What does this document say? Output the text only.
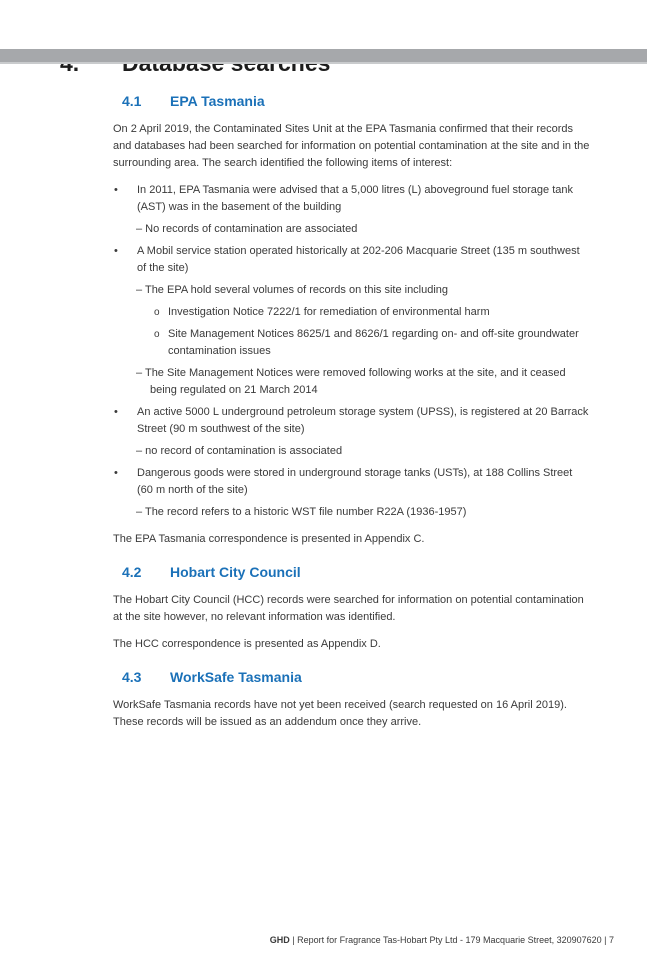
4.1 EPA Tasmania

On 2 April 2019, the Contaminated Sites Unit at the EPA Tasmania confirmed that their records and databases had been searched for information on potential contamination at the site and in the surrounding area. The search identified the following items of interest:

• In 2011, EPA Tasmania were advised that a 5,000 litres (L) aboveground fuel storage tank (AST) was in the basement of the building
– No records of contamination are associated
• A Mobil service station operated historically at 202-206 Macquarie Street (135 m southwest of the site)
– The EPA hold several volumes of records on this site including
o Investigation Notice 7222/1 for remediation of environmental harm
o Site Management Notices 8625/1 and 8626/1 regarding on- and off-site groundwater contamination issues
– The Site Management Notices were removed following works at the site, and it ceased being regulated on 21 March 2014
• An active 5000 L underground petroleum storage system (UPSS), is registered at 20 Barrack Street (90 m southwest of the site)
– no record of contamination is associated
• Dangerous goods were stored in underground storage tanks (USTs), at 188 Collins Street (60 m north of the site)
– The record refers to a historic WST file number R22A (1936-1957)

The EPA Tasmania correspondence is presented in Appendix C.

4.2 Hobart City Council

The Hobart City Council (HCC) records were searched for information on potential contamination at the site however, no relevant information was identified.

The HCC correspondence is presented as Appendix D.

4.3 WorkSafe Tasmania

WorkSafe Tasmania records have not yet been received (search requested on 16 April 2019). These records will be issued as an addendum once they arrive.

GHD | Report for Fragrance Tas-Hobart Pty Ltd - 179 Macquarie Street, 320907620 | 7
